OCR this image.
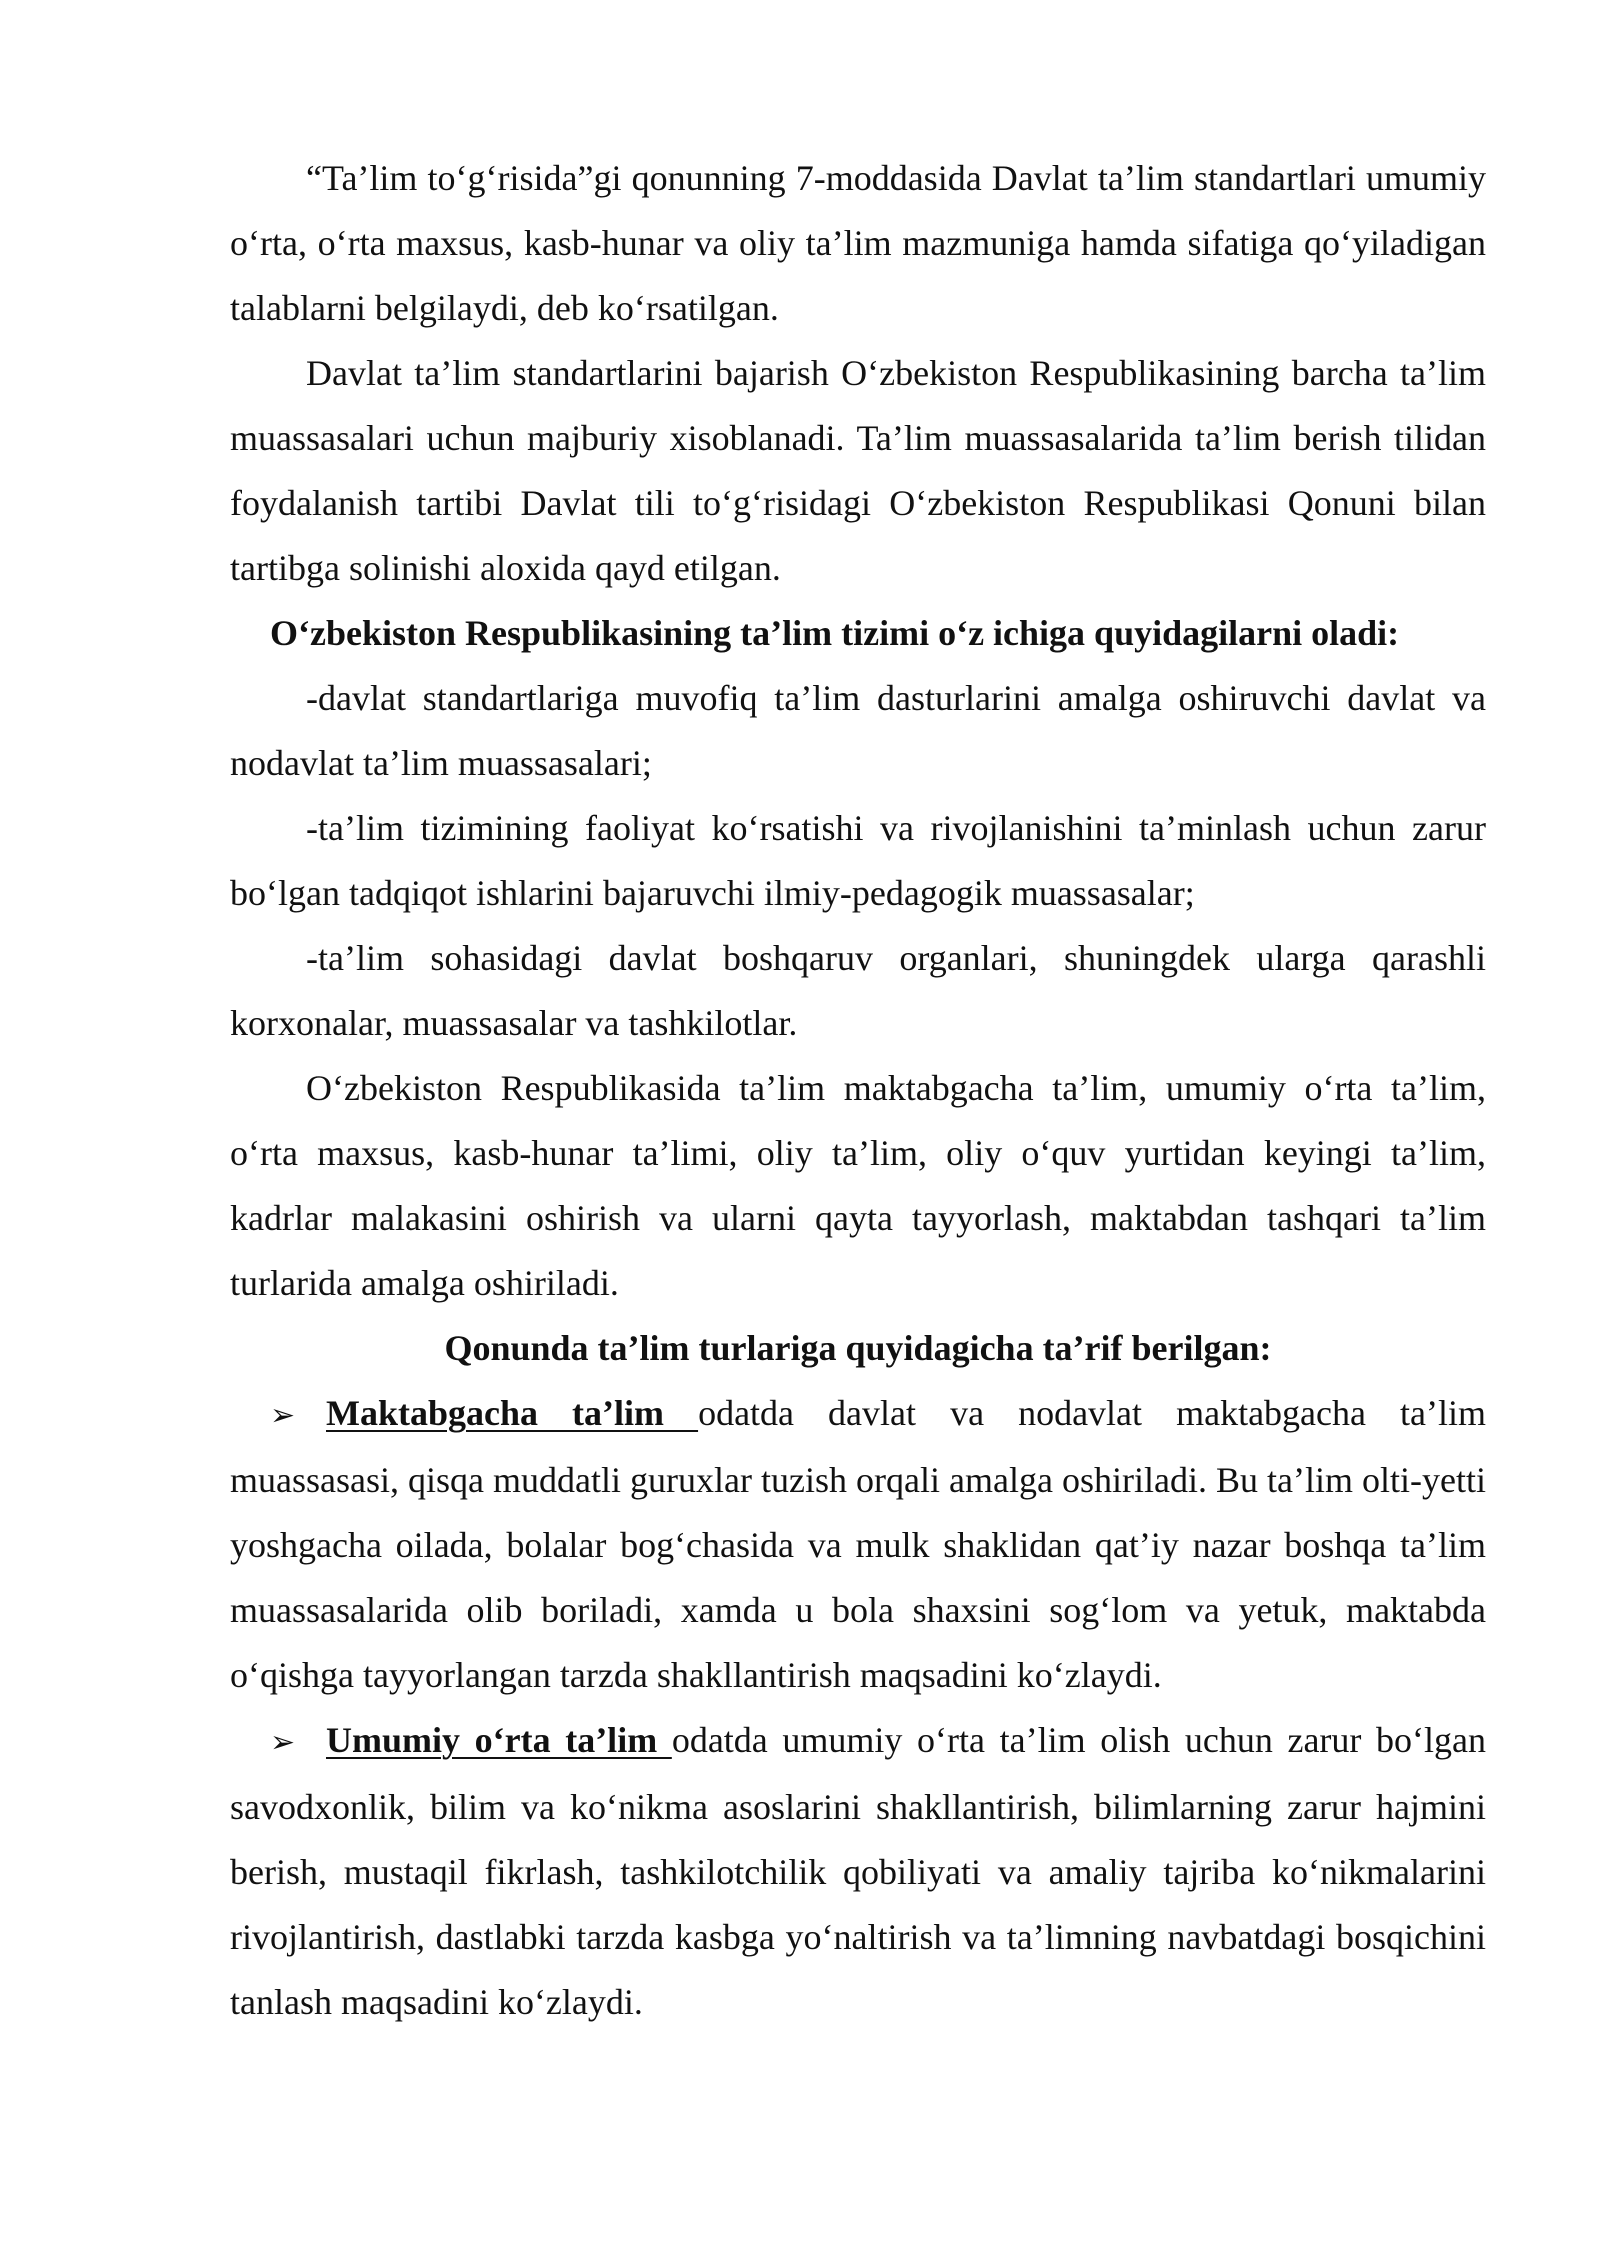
“Ta’lim to‘g‘risida”gi qonunning 7-moddasida Davlat ta’lim standartlari umumiy o‘rta, o‘rta maxsus, kasb-hunar va oliy ta’lim mazmuniga hamda sifatiga qo‘yiladigan talablarni belgilaydi, deb ko‘rsatilgan.

Davlat ta’lim standartlarini bajarish O‘zbekiston Respublikasining barcha ta’lim muassasalari uchun majburiy xisoblanadi. Ta’lim muassasalarida ta’lim berish tilidan foydalanish tartibi Davlat tili to‘g‘risidagi O‘zbekiston Respublikasi Qonuni bilan tartibga solinishi aloxida qayd etilgan.

O‘zbekiston Respublikasining ta’lim tizimi o‘z ichiga quyidagilarni oladi:

-davlat standartlariga muvofiq ta’lim dasturlarini amalga oshiruvchi davlat va nodavlat ta’lim muassasalari;

-ta’lim tizimining faoliyat ko‘rsatishi va rivojlanishini ta’minlash uchun zarur bo‘lgan tadqiqot ishlarini bajaruvchi ilmiy-pedagogik muassasalar;

-ta’lim sohasidagi davlat boshqaruv organlari, shuningdek ularga qarashli korxonalar, muassasalar va tashkilotlar.

O‘zbekiston Respublikasida ta’lim maktabgacha ta’lim, umumiy o‘rta ta’lim, o‘rta maxsus, kasb-hunar ta’limi, oliy ta’lim, oliy o‘quv yurtidan keyingi ta’lim, kadrlar malakasini oshirish va ularni qayta tayyorlash, maktabdan tashqari ta’lim turlarida amalga oshiriladi.

Qonunda ta’lim turlariga quyidagicha ta’rif berilgan:

➢ Maktabgacha ta’lim odatda davlat va nodavlat maktabgacha ta’lim muassasasi, qisqa muddatli guruxlar tuzish orqali amalga oshiriladi. Bu ta’lim olti-yetti yoshgacha oilada, bolalar bog‘chasida va mulk shaklidan qat’iy nazar boshqa ta’lim muassasalarida olib boriladi, xamda u bola shaxsini sog‘lom va yetuk, maktabda o‘qishga tayyorlangan tarzda shakllantirish maqsadini ko‘zlaydi.

➢ Umumiy o‘rta ta’lim odatda umumiy o‘rta ta’lim olish uchun zarur bo‘lgan savodxonlik, bilim va ko‘nikma asoslarini shakllantirish, bilimlarning zarur hajmini berish, mustaqil fikrlash, tashkilotchilik qobiliyati va amaliy tajriba ko‘nikmalarini rivojlantirish, dastlabki tarzda kasbga yo‘naltirish va ta’limning navbatdagi bosqichini tanlash maqsadini ko‘zlaydi.
